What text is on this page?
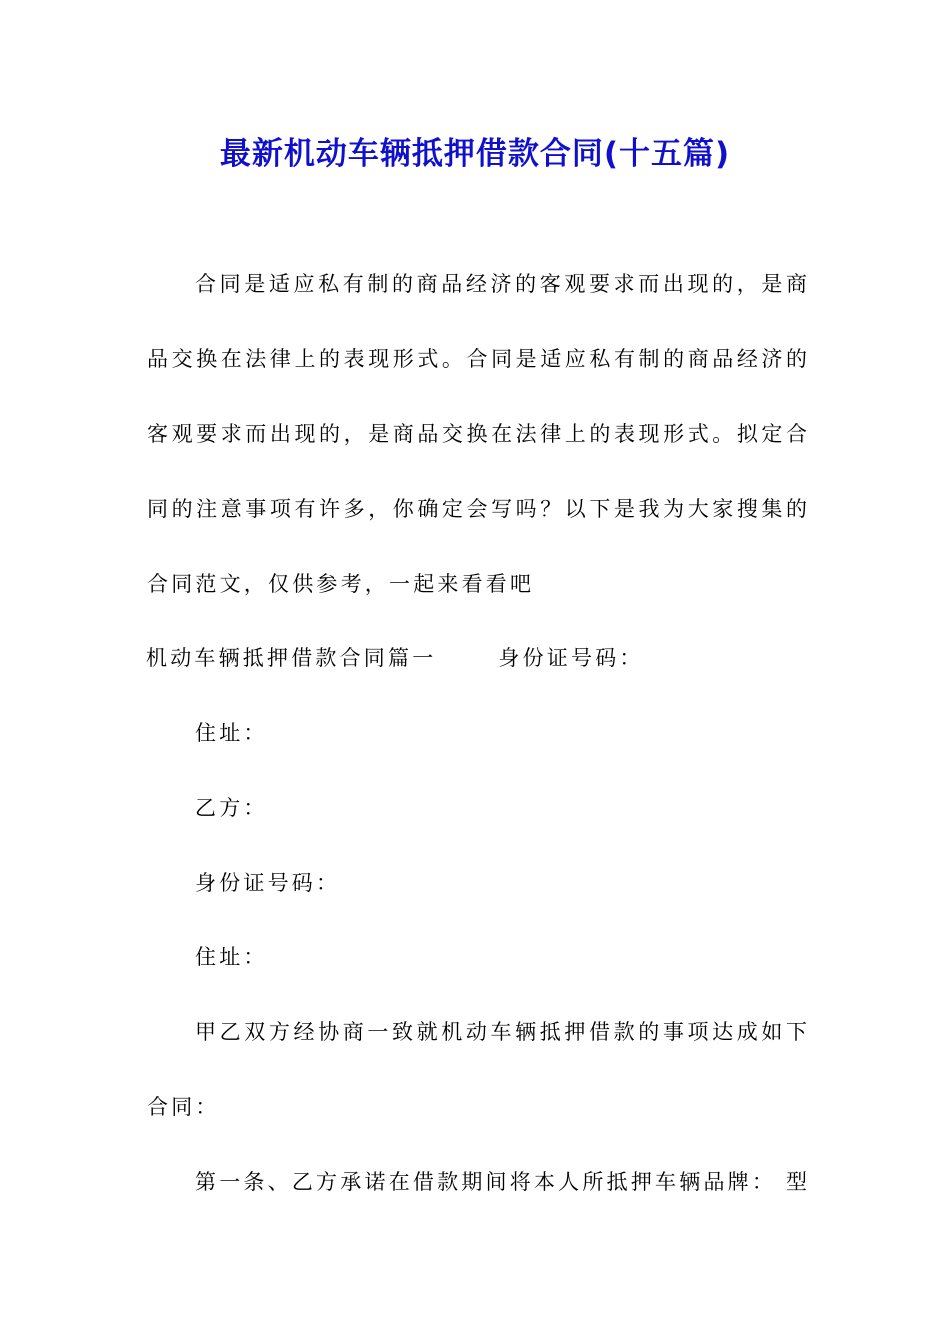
最新机动车辆抵押借款合同(十五篇)
合同是适应私有制的商品经济的客观要求而出现的，是商
品交换在法律上的表现形式。合同是适应私有制的商品经济的
客观要求而出现的，是商品交换在法律上的表现形式。拟定合
同的注意事项有许多，你确定会写吗？以下是我为大家搜集的
合同范文，仅供参考，一起来看看吧
机动车辆抵押借款合同篇一	身份证号码：
住址：
乙方：
身份证号码：
住址：
甲乙双方经协商一致就机动车辆抵押借款的事项达成如下
合同：
第一条、乙方承诺在借款期间将本人所抵押车辆品牌： 型
